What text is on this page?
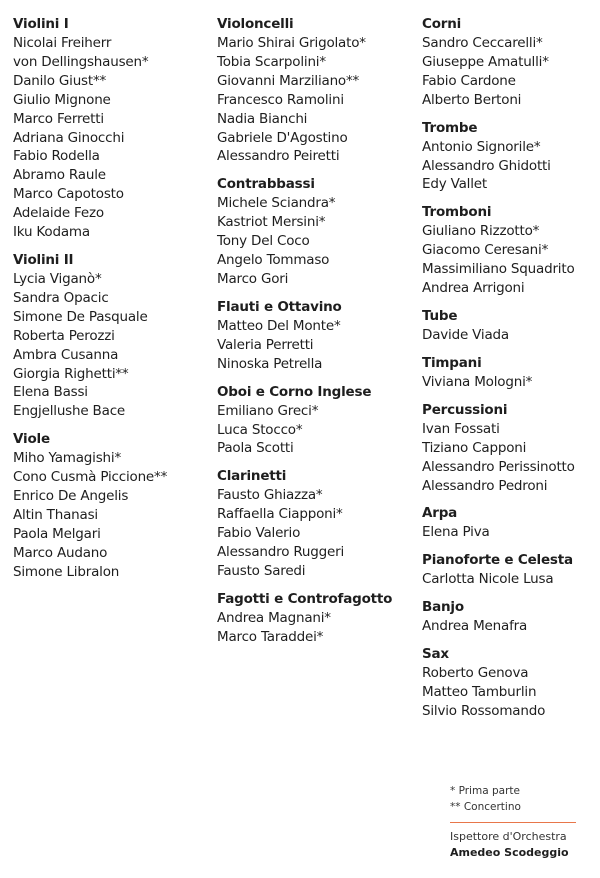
Violini I
Nicolai Freiherr
von Dellingshausen*
Danilo Giust**
Giulio Mignone
Marco Ferretti
Adriana Ginocchi
Fabio Rodella
Abramo Raule
Marco Capotosto
Adelaide Fezo
Iku Kodama
Violini II
Lycia Viganò*
Sandra Opacic
Simone De Pasquale
Roberta Perozzi
Ambra Cusanna
Giorgia Righetti**
Elena Bassi
Engjellushe Bace
Viole
Miho Yamagishi*
Cono Cusmà Piccione**
Enrico De Angelis
Altin Thanasi
Paola Melgari
Marco Audano
Simone Libralon
Violoncelli
Mario Shirai Grigolato*
Tobia Scarpolini*
Giovanni Marziliano**
Francesco Ramolini
Nadia Bianchi
Gabriele D'Agostino
Alessandro Peiretti
Contrabbassi
Michele Sciandra*
Kastriot Mersini*
Tony Del Coco
Angelo Tommaso
Marco Gori
Flauti e Ottavino
Matteo Del Monte*
Valeria Perretti
Ninoska Petrella
Oboi e Corno Inglese
Emiliano Greci*
Luca Stocco*
Paola Scotti
Clarinetti
Fausto Ghiazza*
Raffaella Ciapponi*
Fabio Valerio
Alessandro Ruggeri
Fausto Saredi
Fagotti e Controfagotto
Andrea Magnani*
Marco Taraddei*
Corni
Sandro Ceccarelli*
Giuseppe Amatulli*
Fabio Cardone
Alberto Bertoni
Trombe
Antonio Signorile*
Alessandro Ghidotti
Edy Vallet
Tromboni
Giuliano Rizzotto*
Giacomo Ceresani*
Massimiliano Squadrito
Andrea Arrigoni
Tube
Davide Viada
Timpani
Viviana Mologni*
Percussioni
Ivan Fossati
Tiziano Capponi
Alessandro Perissinotto
Alessandro Pedroni
Arpa
Elena Piva
Pianoforte e Celesta
Carlotta Nicole Lusa
Banjo
Andrea Menafra
Sax
Roberto Genova
Matteo Tamburlin
Silvio Rossomando
* Prima parte
** Concertino
Ispettore d'Orchestra
Amedeo Scodeggio
